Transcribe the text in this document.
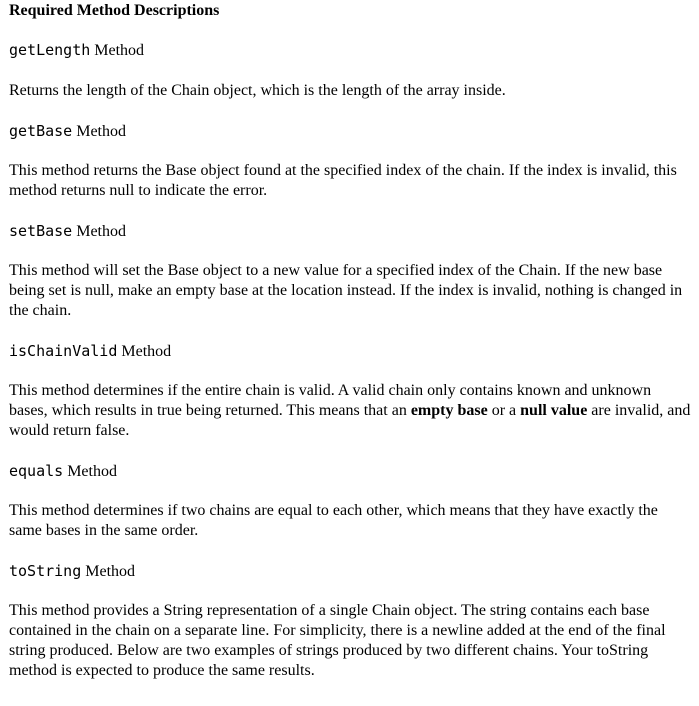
Required Method Descriptions

getLength Method

Returns the length of the Chain object, which is the length of the array inside.

getBase Method

This method returns the Base object found at the specified index of the chain. If the index is invalid, this method returns null to indicate the error.

setBase Method

This method will set the Base object to a new value for a specified index of the Chain. If the new base being set is null, make an empty base at the location instead. If the index is invalid, nothing is changed in the chain.

isChainValid Method

This method determines if the entire chain is valid. A valid chain only contains known and unknown bases, which results in true being returned. This means that an empty base or a null value are invalid, and would return false.

equals Method

This method determines if two chains are equal to each other, which means that they have exactly the same bases in the same order.

toString Method

This method provides a String representation of a single Chain object. The string contains each base contained in the chain on a separate line. For simplicity, there is a newline added at the end of the final string produced. Below are two examples of strings produced by two different chains. Your toString method is expected to produce the same results.
